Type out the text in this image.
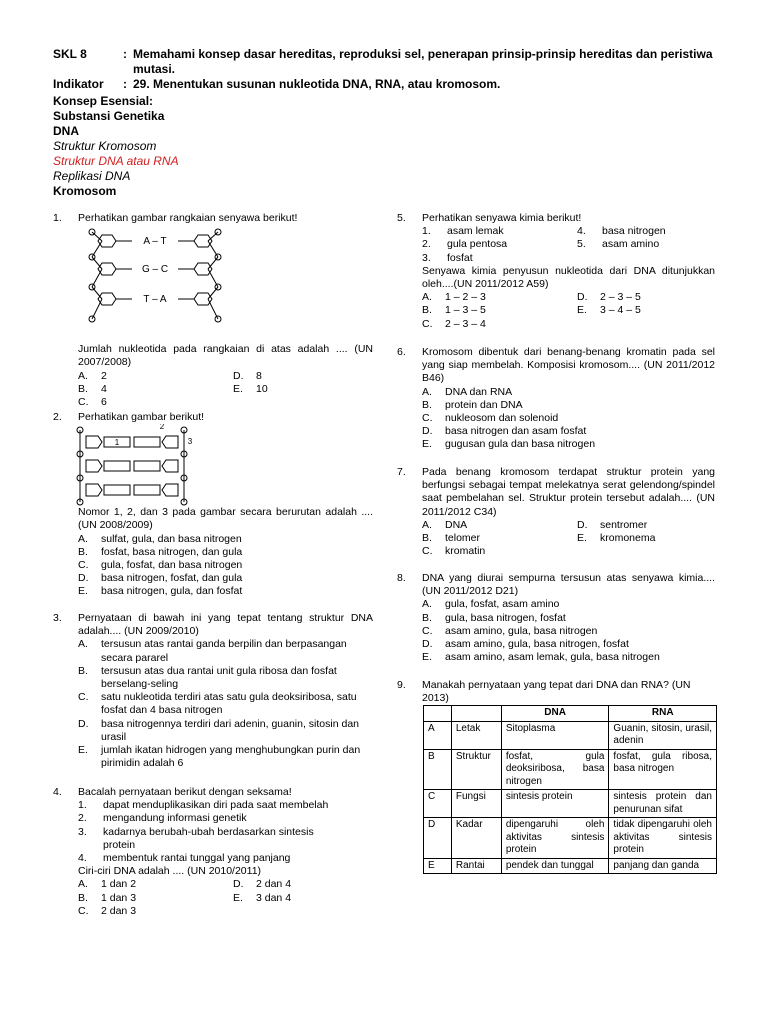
SKL 8	: Memahami konsep dasar hereditas, reproduksi sel, penerapan prinsip-prinsip hereditas dan peristiwa mutasi.
Indikator	: 29. Menentukan susunan nukleotida DNA, RNA, atau kromosom.
Konsep Esensial:
Substansi Genetika
DNA
Struktur Kromosom
Struktur DNA atau RNA
Replikasi DNA
Kromosom
1. Perhatikan gambar rangkaian senyawa berikut!
A – T
G – C
T – A
Jumlah nukleotida pada rangkaian di atas adalah .... (UN 2007/2008)
A.	2	D.	8
B.	4	E.	10
C.	6
2. Perhatikan gambar berikut!
1
2
3
Nomor 1, 2, dan 3 pada gambar secara berurutan adalah .... (UN 2008/2009)
A.	sulfat, gula, dan basa nitrogen
B.	fosfat, basa nitrogen, dan gula
C.	gula, fosfat, dan basa nitrogen
D.	basa nitrogen, fosfat, dan gula
E.	basa nitrogen, gula, dan fosfat
3. Pernyataan di bawah ini yang tepat tentang struktur DNA adalah.... (UN 2009/2010)
A.	tersusun atas rantai ganda berpilin dan berpasangan secara pararel
B.	tersusun atas dua rantai unit gula ribosa dan fosfat berselang-seling
C.	satu nukleotida terdiri atas satu gula deoksiribosa, satu fosfat dan 4 basa nitrogen
D.	basa nitrogennya terdiri dari adenin, guanin, sitosin dan urasil
E.	jumlah ikatan hidrogen yang menghubungkan purin dan pirimidin adalah 6
4. Bacalah pernyataan berikut dengan seksama!
1.	dapat menduplikasikan diri pada saat membelah
2.	mengandung informasi genetik
3.	kadarnya berubah-ubah berdasarkan sintesis protein
4.	membentuk rantai tunggal yang panjang
Ciri-ciri DNA adalah .... (UN 2010/2011)
A.	1 dan 2	D.	2 dan 4
B.	1 dan 3	E.	3 dan 4
C.	2 dan 3
5. Perhatikan senyawa kimia berikut!
1.	asam lemak	4.	basa nitrogen
2.	gula pentosa	5.	asam amino
3.	fosfat
Senyawa kimia penyusun nukleotida dari DNA ditunjukkan oleh....(UN 2011/2012 A59)
A.	1 – 2 – 3	D.	2 – 3 – 5
B.	1 – 3 – 5	E.	3 – 4 – 5
C.	2 – 3 – 4
6. Kromosom dibentuk dari benang-benang kromatin pada sel yang siap membelah. Komposisi kromosom.... (UN 2011/2012 B46)
A.	DNA dan RNA
B.	protein dan DNA
C.	nukleosom dan solenoid
D.	basa nitrogen dan asam fosfat
E.	gugusan gula dan basa nitrogen
7. Pada benang kromosom terdapat struktur protein yang berfungsi sebagai tempat melekatnya serat gelendong/spindel saat pembelahan sel. Struktur protein tersebut adalah.... (UN 2011/2012 C34)
A.	DNA	D.	sentromer
B.	telomer	E.	kromonema
C.	kromatin
8. DNA yang diurai sempurna tersusun atas senyawa kimia.... (UN 2011/2012 D21)
A.	gula, fosfat, asam amino
B.	gula, basa nitrogen, fosfat
C.	asam amino, gula, basa nitrogen
D.	asam amino, gula, basa nitrogen, fosfat
E.	asam amino, asam lemak, gula, basa nitrogen
9. Manakah pernyataan yang tepat dari DNA dan RNA? (UN 2013)
		DNA	RNA
A	Letak	Sitoplasma	Guanin, sitosin, urasil, adenin
B	Struktur	fosfat, gula deoksiribosa, basa nitrogen	fosfat, gula ribosa, basa nitrogen
C	Fungsi	sintesis protein	sintesis protein dan penurunan sifat
D	Kadar	dipengaruhi oleh aktivitas sintesis protein	tidak dipengaruhi oleh aktivitas sintesis protein
E	Rantai	pendek dan tunggal	panjang dan ganda
